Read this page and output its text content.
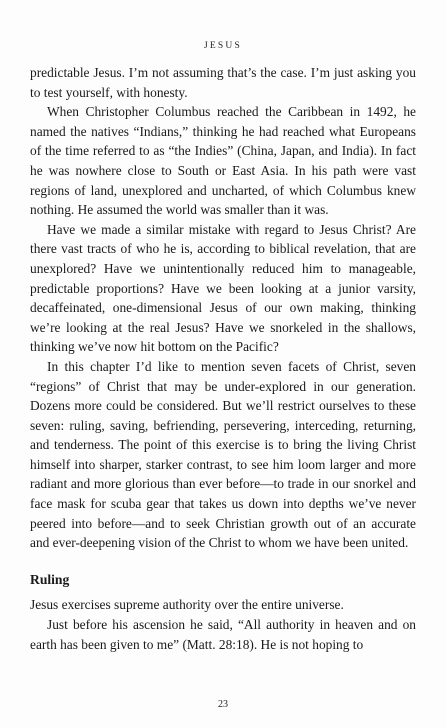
JESUS

predictable Jesus. I’m not assuming that’s the case. I’m just asking you to test yourself, with honesty.

When Christopher Columbus reached the Caribbean in 1492, he named the natives “Indians,” thinking he had reached what Europeans of the time referred to as “the Indies” (China, Japan, and India). In fact he was nowhere close to South or East Asia. In his path were vast regions of land, unexplored and uncharted, of which Columbus knew nothing. He assumed the world was smaller than it was.

Have we made a similar mistake with regard to Jesus Christ? Are there vast tracts of who he is, according to biblical revelation, that are unexplored? Have we unintentionally reduced him to manageable, predictable proportions? Have we been looking at a junior varsity, decaffeinated, one-dimensional Jesus of our own making, thinking we’re looking at the real Jesus? Have we snorkeled in the shallows, thinking we’ve now hit bottom on the Pacific?

In this chapter I’d like to mention seven facets of Christ, seven “regions” of Christ that may be under-explored in our generation. Dozens more could be considered. But we’ll restrict ourselves to these seven: ruling, saving, befriending, persevering, interceding, returning, and tenderness. The point of this exercise is to bring the living Christ himself into sharper, starker contrast, to see him loom larger and more radiant and more glorious than ever before—to trade in our snorkel and face mask for scuba gear that takes us down into depths we’ve never peered into before—and to seek Christian growth out of an accurate and ever-deepening vision of the Christ to whom we have been united.

Ruling

Jesus exercises supreme authority over the entire universe.

Just before his ascension he said, “All authority in heaven and on earth has been given to me” (Matt. 28:18). He is not hoping to

23
